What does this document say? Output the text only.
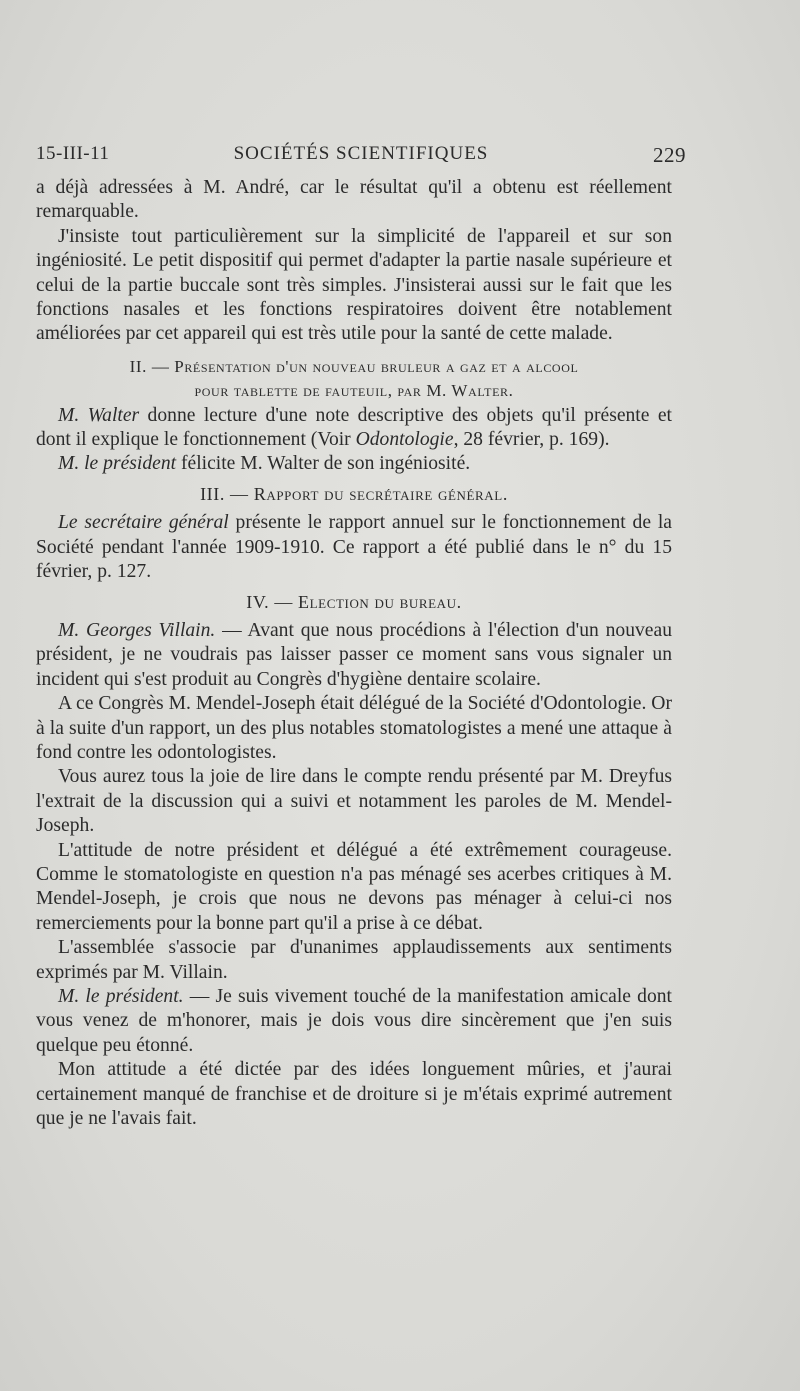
15-III-11	SOCIÉTÉS SCIENTIFIQUES	229

a déjà adressées à M. André, car le résultat qu'il a obtenu est réellement remarquable.

J'insiste tout particulièrement sur la simplicité de l'appareil et sur son ingéniosité. Le petit dispositif qui permet d'adapter la partie nasale supérieure et celui de la partie buccale sont très simples. J'insisterai aussi sur le fait que les fonctions nasales et les fonctions respiratoires doivent être notablement améliorées par cet appareil qui est très utile pour la santé de cette malade.

II. — Présentation d'un nouveau bruleur a gaz et a alcool
pour tablette de fauteuil, par M. Walter.

M. Walter donne lecture d'une note descriptive des objets qu'il présente et dont il explique le fonctionnement (Voir Odontologie, 28 février, p. 169).

M. le président félicite M. Walter de son ingéniosité.

III. — Rapport du secrétaire général.

Le secrétaire général présente le rapport annuel sur le fonctionnement de la Société pendant l'année 1909-1910. Ce rapport a été publié dans le n° du 15 février, p. 127.

IV. — Election du bureau.

M. Georges Villain. — Avant que nous procédions à l'élection d'un nouveau président, je ne voudrais pas laisser passer ce moment sans vous signaler un incident qui s'est produit au Congrès d'hygiène dentaire scolaire.

A ce Congrès M. Mendel-Joseph était délégué de la Société d'Odontologie. Or à la suite d'un rapport, un des plus notables stomatologistes a mené une attaque à fond contre les odontologistes.

Vous aurez tous la joie de lire dans le compte rendu présenté par M. Dreyfus l'extrait de la discussion qui a suivi et notamment les paroles de M. Mendel-Joseph.

L'attitude de notre président et délégué a été extrêmement courageuse. Comme le stomatologiste en question n'a pas ménagé ses acerbes critiques à M. Mendel-Joseph, je crois que nous ne devons pas ménager à celui-ci nos remerciements pour la bonne part qu'il a prise à ce débat.

L'assemblée s'associe par d'unanimes applaudissements aux sentiments exprimés par M. Villain.

M. le président. — Je suis vivement touché de la manifestation amicale dont vous venez de m'honorer, mais je dois vous dire sincèrement que j'en suis quelque peu étonné.

Mon attitude a été dictée par des idées longuement mûries, et j'aurai certainement manqué de franchise et de droiture si je m'étais exprimé autrement que je ne l'avais fait.
